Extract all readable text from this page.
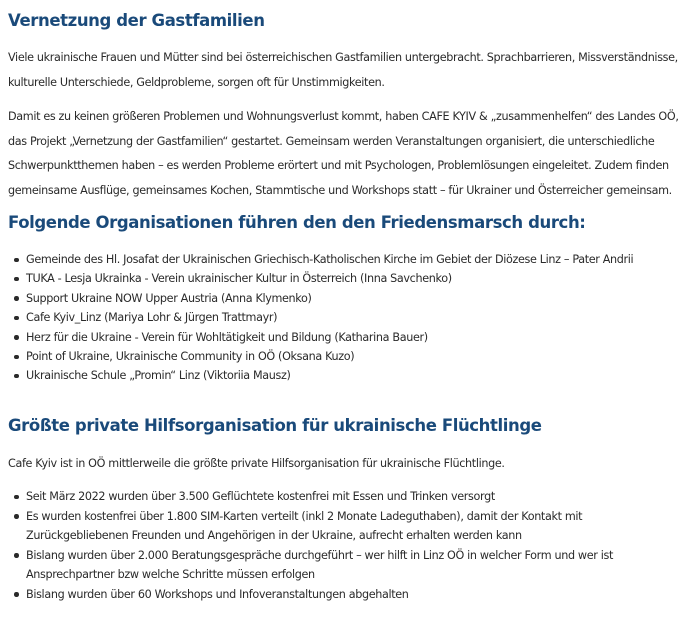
Vernetzung der Gastfamilien

Viele ukrainische Frauen und Mütter sind bei österreichischen Gastfamilien untergebracht. Sprachbarrieren, Missverständnisse,
kulturelle Unterschiede, Geldprobleme, sorgen oft für Unstimmigkeiten.

Damit es zu keinen größeren Problemen und Wohnungsverlust kommt, haben CAFE KYIV & „zusammenhelfen“ des Landes OÖ,
das Projekt „Vernetzung der Gastfamilien“ gestartet. Gemeinsam werden Veranstaltungen organisiert, die unterschiedliche
Schwerpunktthemen haben – es werden Probleme erörtert und mit Psychologen, Problemlösungen eingeleitet. Zudem finden
gemeinsame Ausflüge, gemeinsames Kochen, Stammtische und Workshops statt – für Ukrainer und Österreicher gemeinsam.

Folgende Organisationen führen den den Friedensmarsch durch:
Gemeinde des Hl. Josafat der Ukrainischen Griechisch-Katholischen Kirche im Gebiet der Diözese Linz – Pater Andrii
TUKA - Lesja Ukrainka - Verein ukrainischer Kultur in Österreich (Inna Savchenko)
Support Ukraine NOW Upper Austria (Anna Klymenko)
Cafe Kyiv_Linz (Mariya Lohr & Jürgen Trattmayr)
Herz für die Ukraine - Verein für Wohltätigkeit und Bildung (Katharina Bauer)
Point of Ukraine, Ukrainische Community in OÖ (Oksana Kuzo)
Ukrainische Schule „Promin“ Linz (Viktoriia Mausz)
Größte private Hilfsorganisation für ukrainische Flüchtlinge

Cafe Kyiv ist in OÖ mittlerweile die größte private Hilfsorganisation für ukrainische Flüchtlinge.

Seit März 2022 wurden über 3.500 Geflüchtete kostenfrei mit Essen und Trinken versorgt
Es wurden kostenfrei über 1.800 SIM-Karten verteilt (inkl 2 Monate Ladeguthaben), damit der Kontakt mit
Zurückgebliebenen Freunden und Angehörigen in der Ukraine, aufrecht erhalten werden kann
Bislang wurden über 2.000 Beratungsgespräche durchgeführt – wer hilft in Linz OÖ in welcher Form und wer ist
Ansprechpartner bzw welche Schritte müssen erfolgen
Bislang wurden über 60 Workshops und Infoveranstaltungen abgehalten
